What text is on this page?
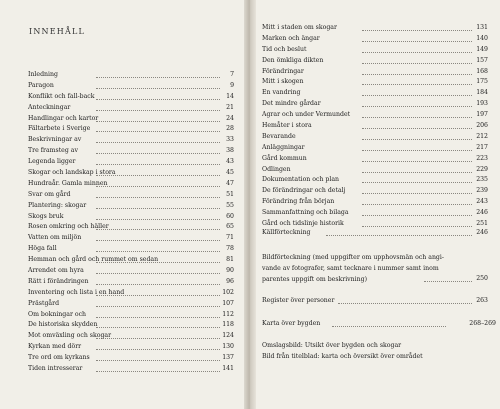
INNEHÅLL
Inledning	7
Paragon	9
Konflikt och fall-back	14
Anteckningar	21
Handlingar och kartor	24
Fältarbete i Sverige	28
Beskrivningar av	33
Tre framsteg av	38
Legenda ligger	43
Skogar och landskap i stora	45
Hundraår. Gamla minnen	47
Svar om gård	51
Plantering: skogar	55
Skogs bruk	60
Rosen omkring och häller	65
Vatten om miljön	71
Höga fall	78
Hemman och gård och rummet om sedan	81
Arrendet om hyra	90
Rätt i förändringen	96
Inventering och lista i en hand	102
Prästgård	107
Om bokningar och	112
De historiska skydden	118
Mot omväxling och skogar	124
Kyrkan med dörr	130
Tre ord om kyrkans	137
Tiden intresserar	141
Mitt i staden om skogar	131
Marken och ängar	140
Tid och beslut	149
Den ömkliga dikten	157
Förändringar	168
Mitt i skogen	175
En vandring	184
Det mindre gårdar	193
Agrar och under Vermundet	197
Hemåter i stora	206
Bevarande	212
Anläggningar	217
Gård kommun	223
Odlingen	229
Dokumentation och plan	235
De förändringar och detalj	239
Förändring från början	243
Sammanfattning och bilaga	246
Gård och tidslinje historik	251
Källförteckning	246
Bildförteckning (med uppgifter om upphovsmän och angi-
vande av fotografer, samt tecknare i nummer samt inom
parentes uppgift om beskrivning)	250
Register över personer	263
Karta över bygden	268–269
Omslagsbild: Utsikt över bygden och skogar
Bild från titelblad: karta och översikt över området
